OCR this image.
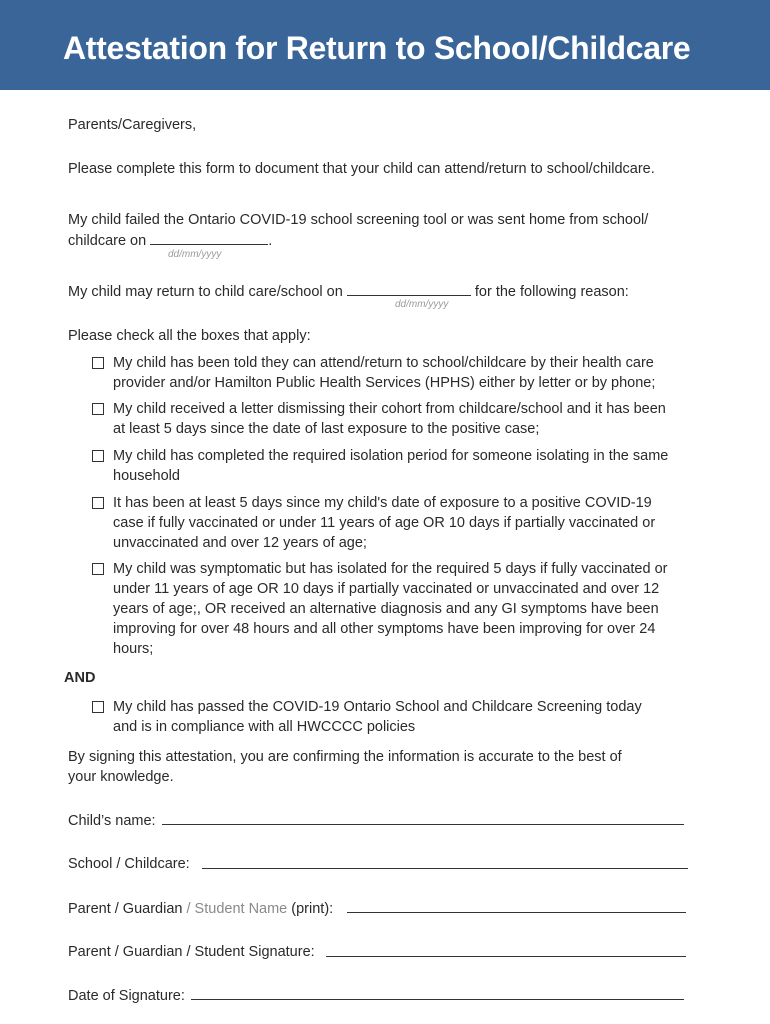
Attestation for Return to School/Childcare
Parents/Caregivers,
Please complete this form to document that your child can attend/return to school/childcare.
My child failed the Ontario COVID-19 school screening tool or was sent home from school/
childcare on	.
dd/mm/yyyy
My child may return to child care/school on	for the following reason:
dd/mm/yyyy
Please check all the boxes that apply:
My child has been told they can attend/return to school/childcare by their health care
provider and/or Hamilton Public Health Services (HPHS) either by letter or by phone;
My child received a letter dismissing their cohort from childcare/school and it has been
at least 5 days since the date of last exposure to the positive case;
My child has completed the required isolation period for someone isolating in the same
household
It has been at least 5 days since my child's date of exposure to a positive COVID-19
case if fully vaccinated or under 11 years of age OR 10 days if partially vaccinated or
unvaccinated and over 12 years of age;
My child was symptomatic but has isolated for the required 5 days if fully vaccinated or
under 11 years of age OR 10 days if partially vaccinated or unvaccinated and over 12
years of age;, OR received an alternative diagnosis and any GI symptoms have been
improving for over 48 hours and all other symptoms have been improving for over 24
hours;
AND
My child has passed the COVID-19 Ontario School and Childcare Screening today
and is in compliance with all HWCCCC policies
By signing this attestation, you are confirming the information is accurate to the best of
your knowledge.
Child’s name:
School / Childcare:
Parent / Guardian / Student Name (print):
Parent / Guardian / Student Signature:
Date of Signature:
